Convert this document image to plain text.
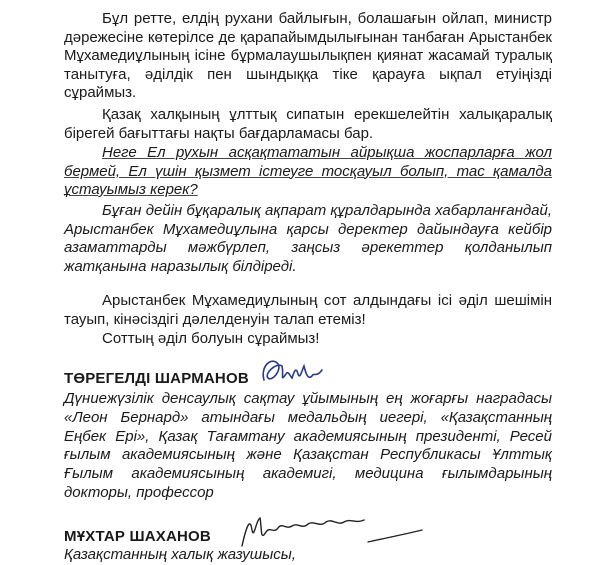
Бұл ретте, елдің рухани байлығын, болашағын ойлап, министр дәрежесіне көтерілсе де қарапайымдылығынан танбаған Арыстанбек Мұхамедиұлының ісіне бұрмалаушылықпен қиянат жасамай туралық танытуға, әділдік пен шындыққа тіке қарауға ықпал етуіңізді сұраймыз.

Қазақ халқының ұлттық сипатын ерекшелейтін халықаралық бірегей бағыттағы нақты бағдарламасы бар.

Неге Ел рухын асқақтататын айрықша жоспарларға жол бермей, Ел үшін қызмет істеуге тосқауыл болып, тас қамалда ұстауымыз керек?

Бұған дейін бұқаралық ақпарат құралдарында хабарланғандай, Арыстанбек Мұхамедиұлына қарсы деректер дайындауға кейбір азаматтарды мәжбүрлеп, заңсыз әрекеттер қолданылып жатқанына наразылық білдіреді.

Арыстанбек Мұхамедиұлының сот алдындағы ісі әділ шешімін тауып, кінәсіздігі дәлелденуін талап етеміз!

Соттың әділ болуын сұраймыз!

ТӨРЕГЕЛДІ ШАРМАНОВ

Дүниежүзілік денсаулық сақтау ұйымының ең жоғарғы наградасы «Леон Бернард» атындағы медальдың иегері, «Қазақстанның Еңбек Ері», Қазақ Тағамтану академиясының президенті, Ресей ғылым академиясының және Қазақстан Республикасы Ұлттық Ғылым академиясының академигі, медицина ғылымдарының докторы, профессор

МҰХТАР ШАХАНОВ

Қазақстанның халық жазушысы,
